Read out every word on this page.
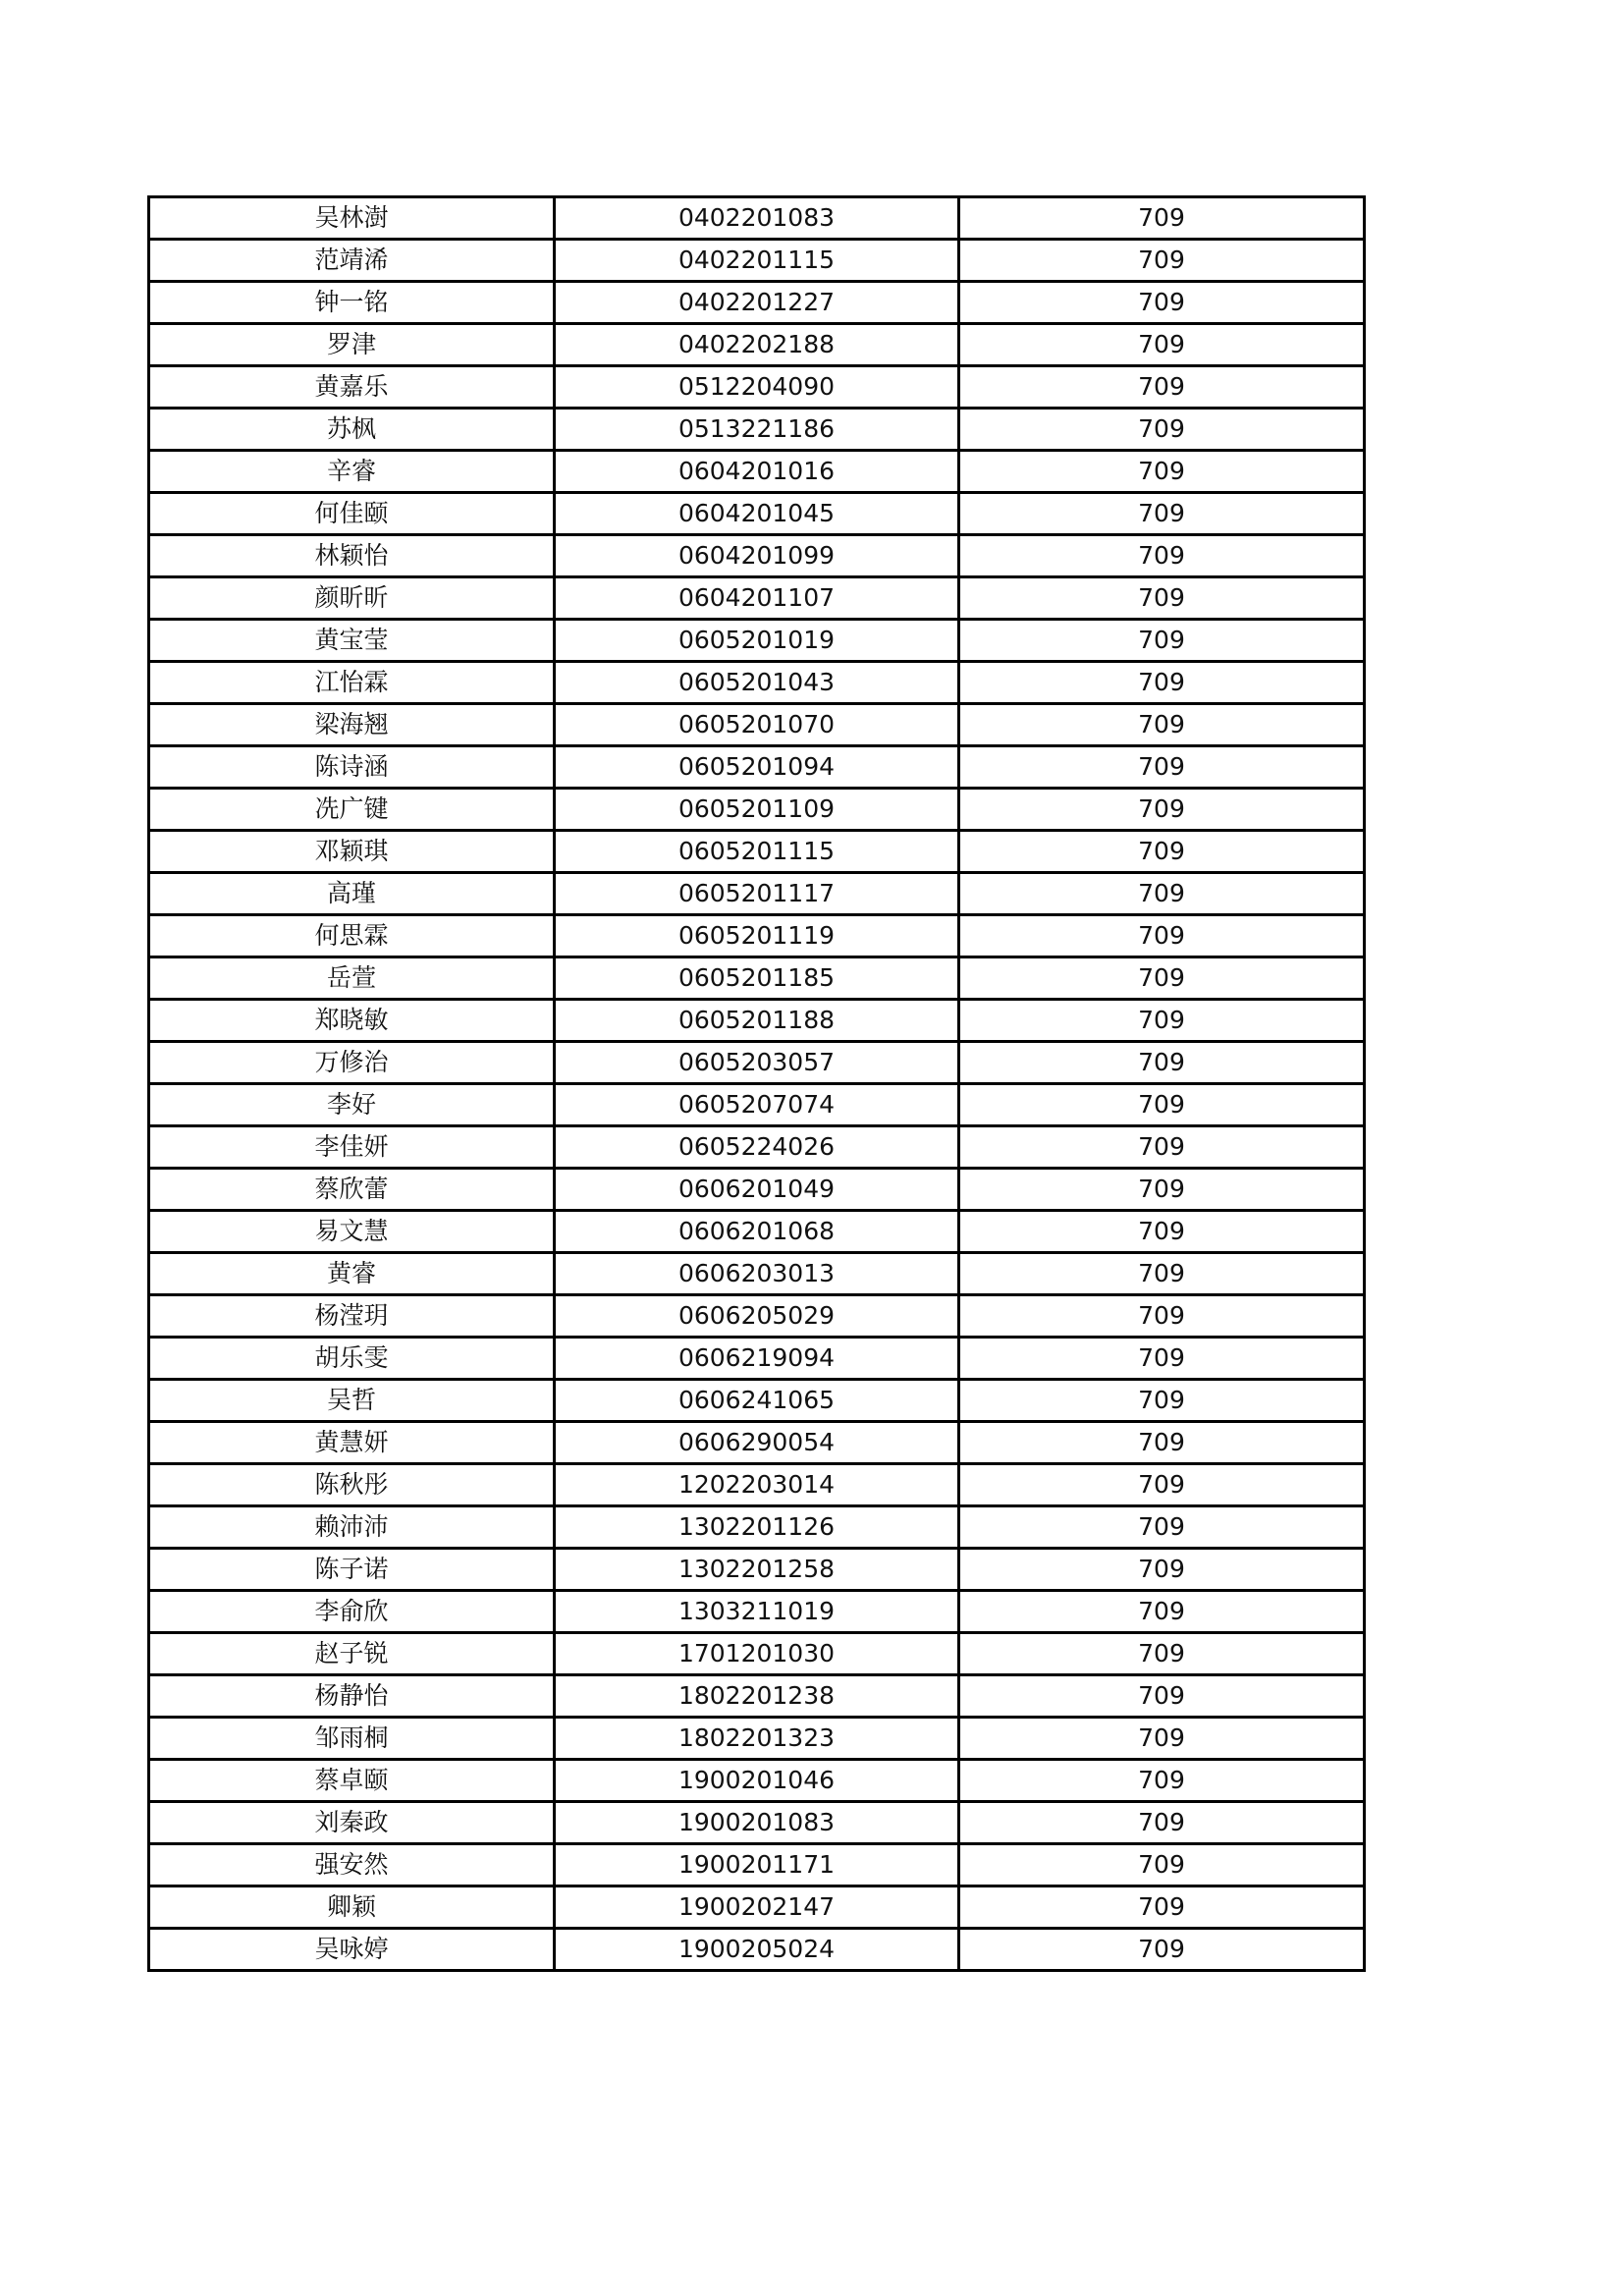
吴林澍	0402201083	709
范靖浠	0402201115	709
钟一铭	0402201227	709
罗津	0402202188	709
黄嘉乐	0512204090	709
苏枫	0513221186	709
辛睿	0604201016	709
何佳颐	0604201045	709
林颖怡	0604201099	709
颜昕昕	0604201107	709
黄宝莹	0605201019	709
江怡霖	0605201043	709
梁海翘	0605201070	709
陈诗涵	0605201094	709
冼广键	0605201109	709
邓颖琪	0605201115	709
高瑾	0605201117	709
何思霖	0605201119	709
岳萱	0605201185	709
郑晓敏	0605201188	709
万修治	0605203057	709
李好	0605207074	709
李佳妍	0605224026	709
蔡欣蕾	0606201049	709
易文慧	0606201068	709
黄睿	0606203013	709
杨滢玥	0606205029	709
胡乐雯	0606219094	709
吴哲	0606241065	709
黄慧妍	0606290054	709
陈秋彤	1202203014	709
赖沛沛	1302201126	709
陈子诺	1302201258	709
李俞欣	1303211019	709
赵子锐	1701201030	709
杨静怡	1802201238	709
邹雨桐	1802201323	709
蔡卓颐	1900201046	709
刘秦政	1900201083	709
强安然	1900201171	709
卿颖	1900202147	709
吴咏婷	1900205024	709
